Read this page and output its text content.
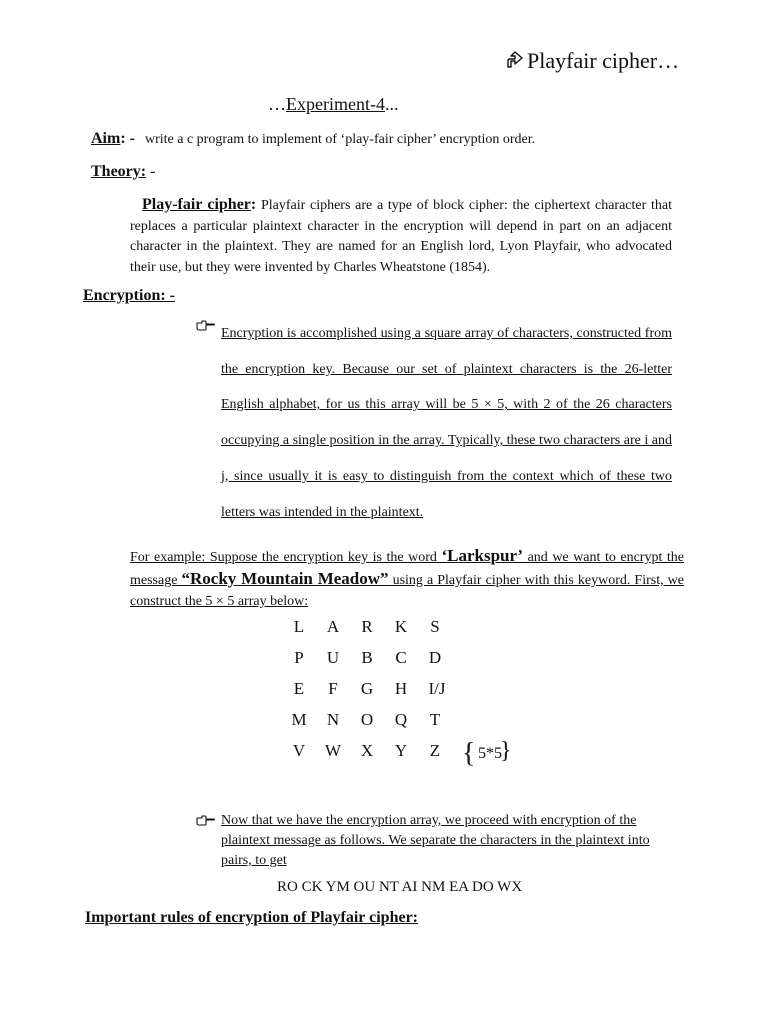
Playfair cipher…
…Experiment-4...
Aim: - write a c program to implement of ‘play-fair cipher’ encryption order.
Theory: -
Play-fair cipher: Playfair ciphers are a type of block cipher: the ciphertext character that replaces a particular plaintext character in the encryption will depend in part on an adjacent character in the plaintext. They are named for an English lord, Lyon Playfair, who advocated their use, but they were invented by Charles Wheatstone (1854).
Encryption: -
Encryption is accomplished using a square array of characters, constructed from the encryption key. Because our set of plaintext characters is the 26-letter English alphabet, for us this array will be 5 × 5, with 2 of the 26 characters occupying a single position in the array. Typically, these two characters are i and j, since usually it is easy to distinguish from the context which of these two letters was intended in the plaintext.
For example: Suppose the encryption key is the word ‘Larkspur’ and we want to encrypt the message “Rocky Mountain Meadow” using a Playfair cipher with this keyword. First, we construct the 5 × 5 array below:
L	A	R	K	S
P	U	B	C	D
E	F	G	H	I/J
M	N	O	Q	T
V	W	X	Y	Z { 5*5
}
Now that we have the encryption array, we proceed with encryption of the plaintext message as follows. We separate the characters in the plaintext into pairs, to get
RO CK YM OU NT AI NM EA DO WX
Important rules of encryption of Playfair cipher:
